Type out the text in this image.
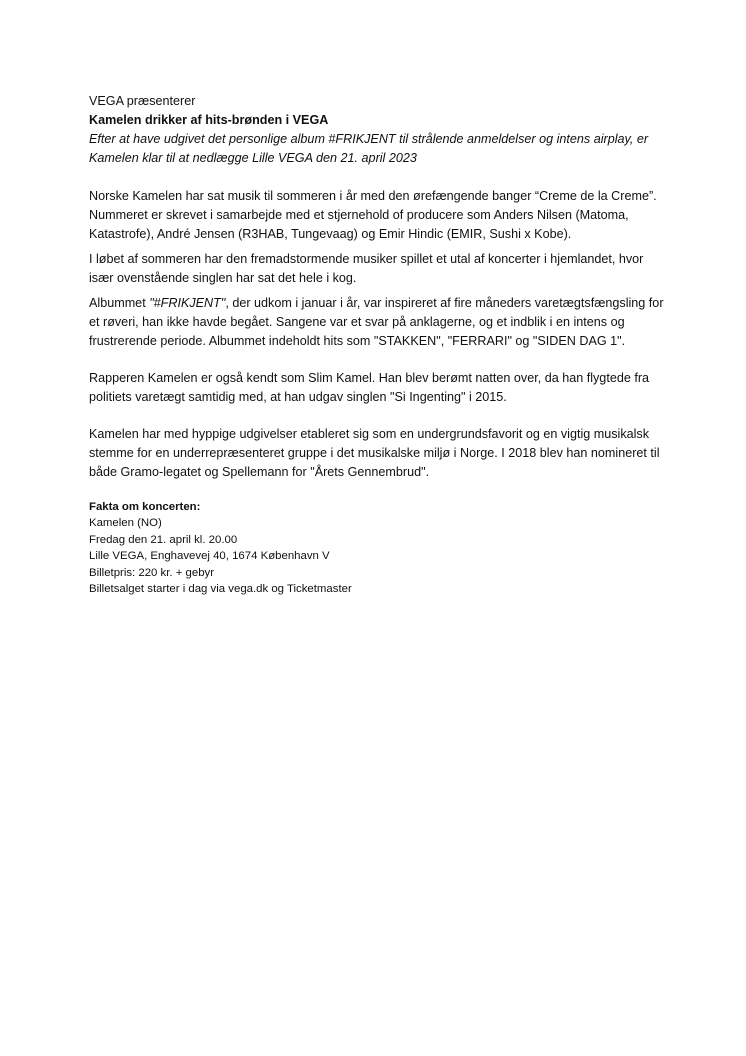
VEGA præsenterer

Kamelen drikker af hits-brønden i VEGA

Efter at have udgivet det personlige album #FRIKJENT til strålende anmeldelser og intens airplay, er Kamelen klar til at nedlægge Lille VEGA den 21. april 2023

Norske Kamelen har sat musik til sommeren i år med den ørefængende banger “Creme de la Creme”. Nummeret er skrevet i samarbejde med et stjernehold of producere som Anders Nilsen (Matoma, Katastrofe), André Jensen (R3HAB, Tungevaag) og Emir Hindic (EMIR, Sushi x Kobe).

I løbet af sommeren har den fremadstormende musiker spillet et utal af koncerter i hjemlandet, hvor især ovenstående singlen har sat det hele i kog.

Albummet "#FRIKJENT", der udkom i januar i år, var inspireret af fire måneders varetægtsfængsling for et røveri, han ikke havde begået. Sangene var et svar på anklagerne, og et indblik i en intens og frustrerende periode. Albummet indeholdt hits som "STAKKEN", "FERRARI" og "SIDEN DAG 1".

Rapperen Kamelen er også kendt som Slim Kamel. Han blev berømt natten over, da han flygtede fra politiets varetægt samtidig med, at han udgav singlen "Si Ingenting" i 2015.

Kamelen har med hyppige udgivelser etableret sig som en undergrundsfavorit og en vigtig musikalsk stemme for en underrepræsenteret gruppe i det musikalske miljø i Norge. I 2018 blev han nomineret til både Gramo-legatet og Spellemann for "Årets Gennembrud".

Fakta om koncerten:
Kamelen (NO)
Fredag den 21. april kl. 20.00
Lille VEGA, Enghavevej 40, 1674 København V
Billetpris: 220 kr. + gebyr
Billetsalget starter i dag via vega.dk og Ticketmaster
